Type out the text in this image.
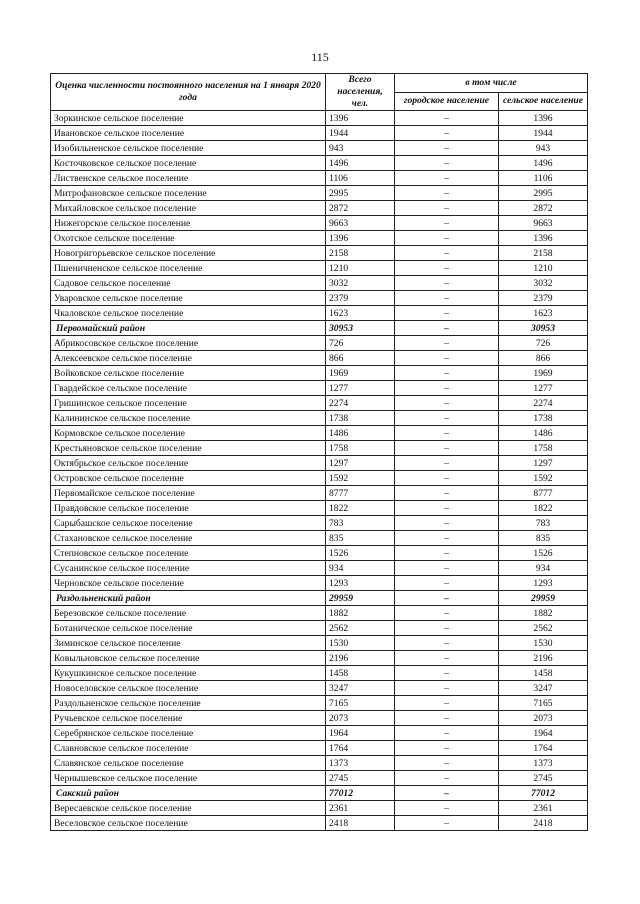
115
Оценка численности постоянного населения на 1 января 2020 года	Всего населения, чел.	в том числе	
		городское население	сельское население
Зоркинское сельское поселение	1396	–	1396
Ивановское сельское поселение	1944	–	1944
Изобильненское сельское поселение	943	–	943
Косточковское сельское поселение	1496	–	1496
Лиственское сельское поселение	1106	–	1106
Митрофановское сельское поселение	2995	–	2995
Михайловское сельское поселение	2872	–	2872
Нижегорское сельское поселение	9663	–	9663
Охотское сельское поселение	1396	–	1396
Новогригорьевское сельское поселение	2158	–	2158
Пшеничненское сельское поселение	1210	–	1210
Садовое сельское поселение	3032	–	3032
Уваровское сельское поселение	2379	–	2379
Чкаловское сельское поселение	1623	–	1623
Первомайский район	30953	–	30953
Абрикосовское сельское поселение	726	–	726
Алексеевское сельское поселение	866	–	866
Войковское сельское поселение	1969	–	1969
Гвардейское сельское поселение	1277	–	1277
Гришинское сельское поселение	2274	–	2274
Калининское сельское поселение	1738	–	1738
Кормовское сельское поселение	1486	–	1486
Крестьяновское сельское поселение	1758	–	1758
Октябрьское сельское поселение	1297	–	1297
Островское сельское поселение	1592	–	1592
Первомайское сельское поселение	8777	–	8777
Правдовское сельское поселение	1822	–	1822
Сарыбашское сельское поселение	783	–	783
Стахановское сельское поселение	835	–	835
Степновское сельское поселение	1526	–	1526
Сусанинское сельское поселение	934	–	934
Черновское сельское поселение	1293	–	1293
Раздольненский район	29959	–	29959
Березовское сельское поселение	1882	–	1882
Ботаническое сельское поселение	2562	–	2562
Зиминское сельское поселение	1530	–	1530
Ковыльновское сельское поселение	2196	–	2196
Кукушкинское сельское поселение	1458	–	1458
Новоселовское сельское поселение	3247	–	3247
Раздольненское сельское поселение	7165	–	7165
Ручьевское сельское поселение	2073	–	2073
Серебрянское сельское поселение	1964	–	1964
Славновское сельское поселение	1764	–	1764
Славянское сельское поселение	1373	–	1373
Чернышевское сельское поселение	2745	–	2745
Сакский район	77012	–	77012
Вересаевское сельское поселение	2361	–	2361
Веселовское сельское поселение	2418	–	2418
